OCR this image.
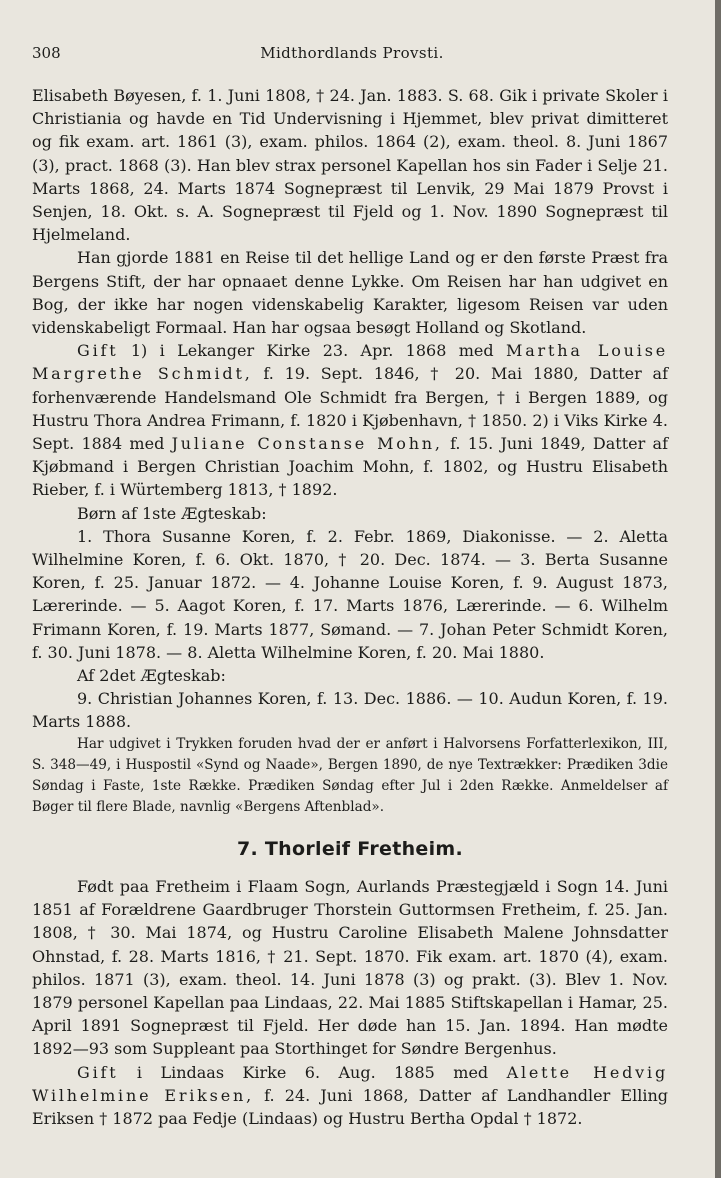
308	Midthordlands Provsti.

Elisabeth Bøyesen, f. 1. Juni 1808, † 24. Jan. 1883. S. 68. Gik i private Skoler i Christiania og havde en Tid Undervisning i Hjemmet, blev privat dimitteret og fik exam. art. 1861 (3), exam. philos. 1864 (2), exam. theol. 8. Juni 1867 (3), pract. 1868 (3). Han blev strax personel Kapellan hos sin Fader i Selje 21. Marts 1868, 24. Marts 1874 Sognepræst til Lenvik, 29 Mai 1879 Provst i Senjen, 18. Okt. s. A. Sognepræst til Fjeld og 1. Nov. 1890 Sognepræst til Hjelmeland.

Han gjorde 1881 en Reise til det hellige Land og er den første Præst fra Bergens Stift, der har opnaaet denne Lykke. Om Reisen har han udgivet en Bog, der ikke har nogen videnskabelig Karakter, ligesom Reisen var uden videnskabeligt Formaal. Han har ogsaa besøgt Holland og Skotland.

Gift 1) i Lekanger Kirke 23. Apr. 1868 med Martha Louise Margrethe Schmidt, f. 19. Sept. 1846, † 20. Mai 1880, Datter af forhenværende Handelsmand Ole Schmidt fra Bergen, † i Bergen 1889, og Hustru Thora Andrea Frimann, f. 1820 i Kjøbenhavn, † 1850. 2) i Viks Kirke 4. Sept. 1884 med Juliane Constanse Mohn, f. 15. Juni 1849, Datter af Kjøbmand i Bergen Christian Joachim Mohn, f. 1802, og Hustru Elisabeth Rieber, f. i Würtemberg 1813, † 1892.

Børn af 1ste Ægteskab:

1. Thora Susanne Koren, f. 2. Febr. 1869, Diakonisse. — 2. Aletta Wilhelmine Koren, f. 6. Okt. 1870, † 20. Dec. 1874. — 3. Berta Susanne Koren, f. 25. Januar 1872. — 4. Johanne Louise Koren, f. 9. August 1873, Lærerinde. — 5. Aagot Koren, f. 17. Marts 1876, Lærerinde. — 6. Wilhelm Frimann Koren, f. 19. Marts 1877, Sømand. — 7. Johan Peter Schmidt Koren, f. 30. Juni 1878. — 8. Aletta Wilhelmine Koren, f. 20. Mai 1880.

Af 2det Ægteskab:

9. Christian Johannes Koren, f. 13. Dec. 1886. — 10. Audun Koren, f. 19. Marts 1888.

Har udgivet i Trykken foruden hvad der er anført i Halvorsens Forfatterlexikon, III, S. 348—49, i Huspostil «Synd og Naade», Bergen 1890, de nye Textrækker: Prædiken 3die Søndag i Faste, 1ste Række. Prædiken Søndag efter Jul i 2den Række. Anmeldelser af Bøger til flere Blade, navnlig «Bergens Aftenblad».

7. Thorleif Fretheim.

Født paa Fretheim i Flaam Sogn, Aurlands Præstegjæld i Sogn 14. Juni 1851 af Forældrene Gaardbruger Thorstein Guttormsen Fretheim, f. 25. Jan. 1808, † 30. Mai 1874, og Hustru Caroline Elisabeth Malene Johnsdatter Ohnstad, f. 28. Marts 1816, † 21. Sept. 1870. Fik exam. art. 1870 (4), exam. philos. 1871 (3), exam. theol. 14. Juni 1878 (3) og prakt. (3). Blev 1. Nov. 1879 personel Kapellan paa Lindaas, 22. Mai 1885 Stiftskapellan i Hamar, 25. April 1891 Sognepræst til Fjeld. Her døde han 15. Jan. 1894. Han mødte 1892—93 som Suppleant paa Storthinget for Søndre Bergenhus.

Gift i Lindaas Kirke 6. Aug. 1885 med Alette Hedvig Wilhelmine Eriksen, f. 24. Juni 1868, Datter af Landhandler Elling Eriksen † 1872 paa Fedje (Lindaas) og Hustru Bertha Opdal † 1872.
